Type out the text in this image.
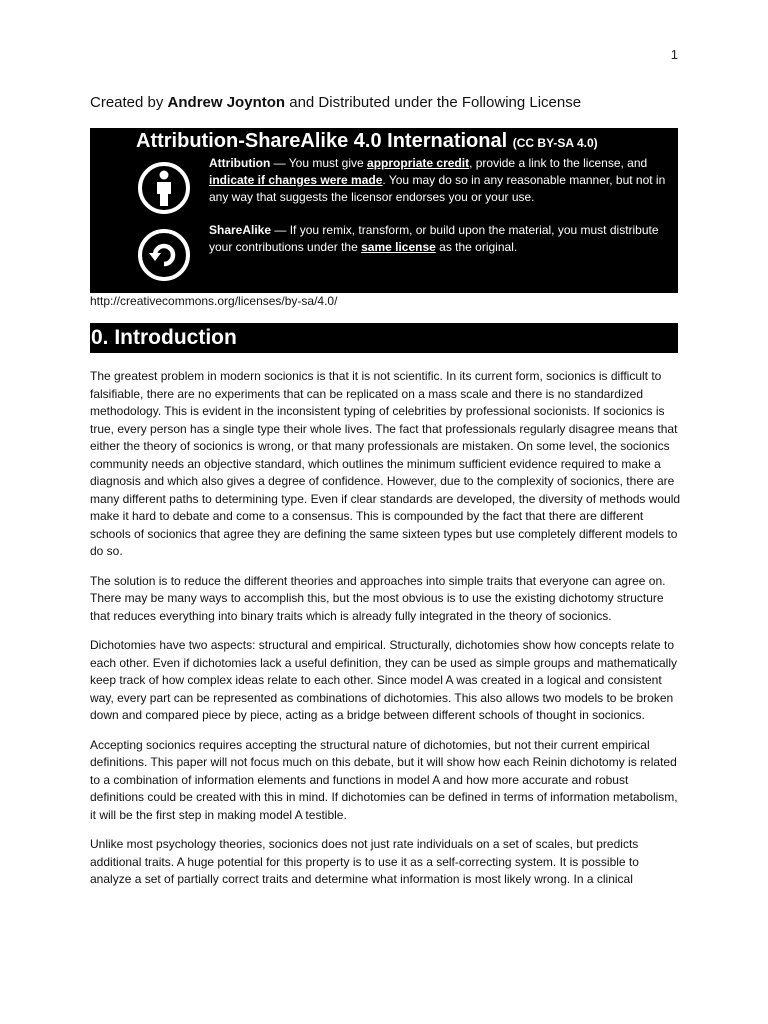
1
Created by Andrew Joynton and Distributed under the Following License
Attribution-ShareAlike 4.0 International (CC BY-SA 4.0)
Attribution — You must give appropriate credit, provide a link to the license, and indicate if changes were made. You may do so in any reasonable manner, but not in any way that suggests the licensor endorses you or your use.
ShareAlike — If you remix, transform, or build upon the material, you must distribute your contributions under the same license as the original.
http://creativecommons.org/licenses/by-sa/4.0/
0. Introduction

The greatest problem in modern socionics is that it is not scientific. In its current form, socionics is difficult to falsifiable, there are no experiments that can be replicated on a mass scale and there is no standardized methodology. This is evident in the inconsistent typing of celebrities by professional socionists. If socionics is true, every person has a single type their whole lives. The fact that professionals regularly disagree means that either the theory of socionics is wrong, or that many professionals are mistaken. On some level, the socionics community needs an objective standard, which outlines the minimum sufficient evidence required to make a diagnosis and which also gives a degree of confidence. However, due to the complexity of socionics, there are many different paths to determining type. Even if clear standards are developed, the diversity of methods would make it hard to debate and come to a consensus. This is compounded by the fact that there are different schools of socionics that agree they are defining the same sixteen types but use completely different models to do so.

The solution is to reduce the different theories and approaches into simple traits that everyone can agree on. There may be many ways to accomplish this, but the most obvious is to use the existing dichotomy structure that reduces everything into binary traits which is already fully integrated in the theory of socionics.

Dichotomies have two aspects: structural and empirical. Structurally, dichotomies show how concepts relate to each other. Even if dichotomies lack a useful definition, they can be used as simple groups and mathematically keep track of how complex ideas relate to each other. Since model A was created in a logical and consistent way, every part can be represented as combinations of dichotomies. This also allows two models to be broken down and compared piece by piece, acting as a bridge between different schools of thought in socionics.

Accepting socionics requires accepting the structural nature of dichotomies, but not their current empirical definitions. This paper will not focus much on this debate, but it will show how each Reinin dichotomy is related to a combination of information elements and functions in model A and how more accurate and robust definitions could be created with this in mind. If dichotomies can be defined in terms of information metabolism, it will be the first step in making model A testible.

Unlike most psychology theories, socionics does not just rate individuals on a set of scales, but predicts additional traits. A huge potential for this property is to use it as a self-correcting system. It is possible to analyze a set of partially correct traits and determine what information is most likely wrong. In a clinical
